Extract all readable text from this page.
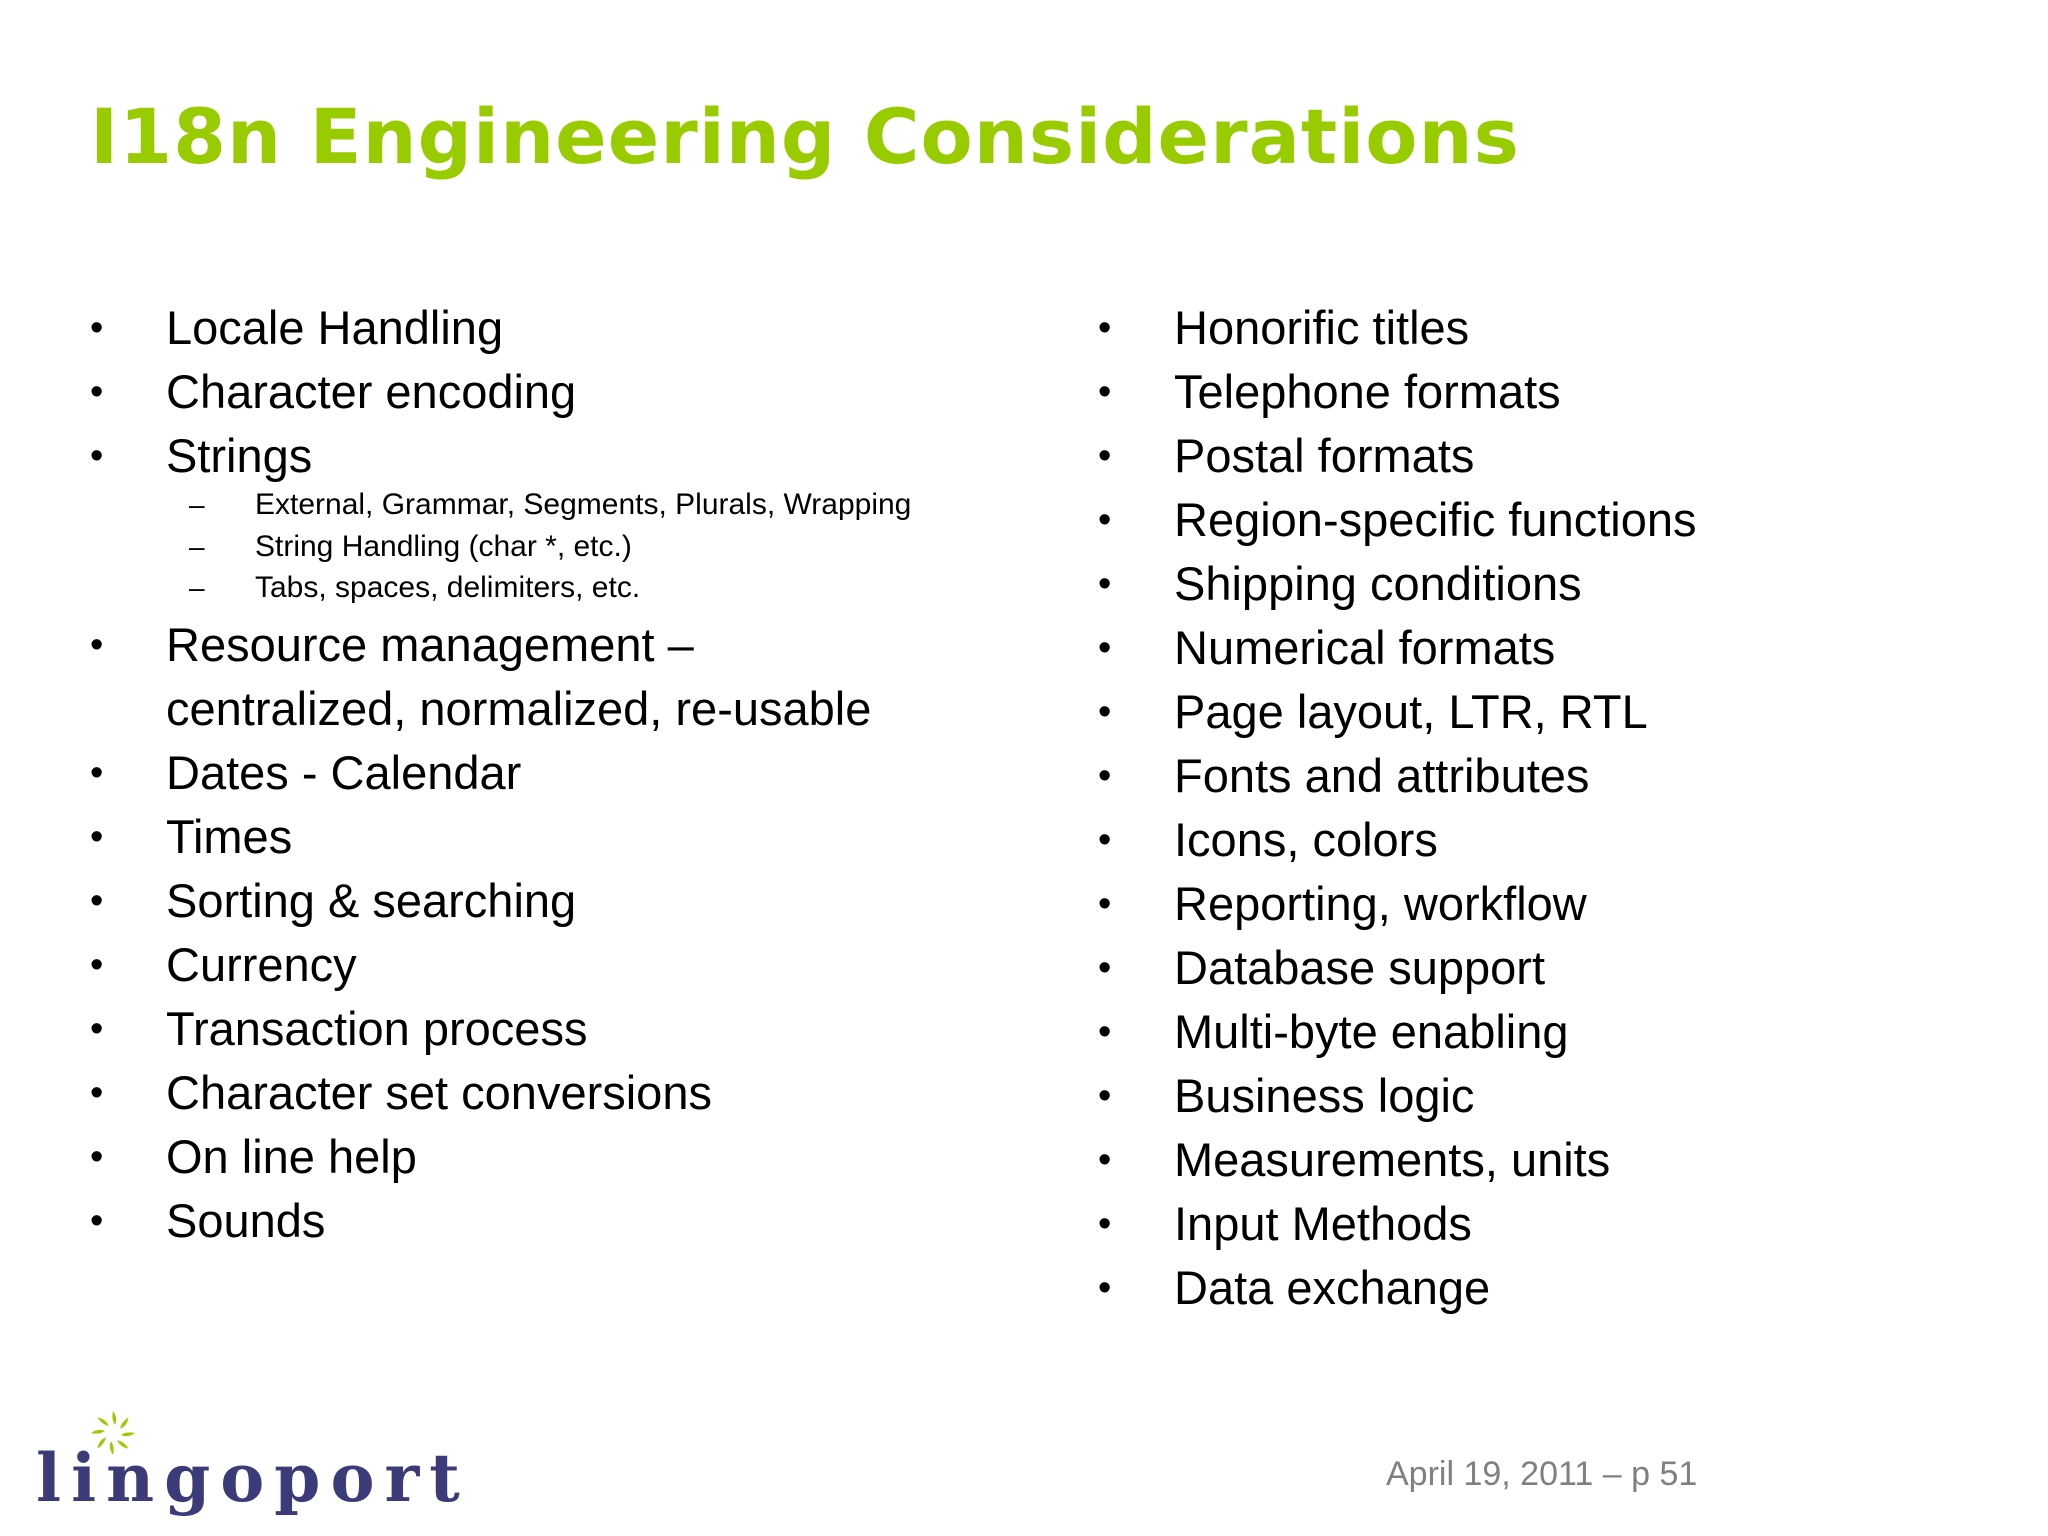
I18n Engineering Considerations
• Locale Handling
• Character encoding
• Strings
–	External, Grammar, Segments, Plurals, Wrapping
–	String Handling (char *, etc.)
–	Tabs, spaces, delimiters, etc.
• Resource management –
centralized, normalized, re-usable
• Dates - Calendar
• Times
• Sorting & searching
• Currency
• Transaction process
• Character set conversions
• On line help
• Sounds
• Honorific titles
• Telephone formats
• Postal formats
• Region-specific functions
• Shipping conditions
• Numerical formats
• Page layout, LTR, RTL
• Fonts and attributes
• Icons, colors
• Reporting, workflow
• Database support
• Multi-byte enabling
• Business logic
• Measurements, units
• Input Methods
• Data exchange
lingoport	April 19, 2011 – p 51
